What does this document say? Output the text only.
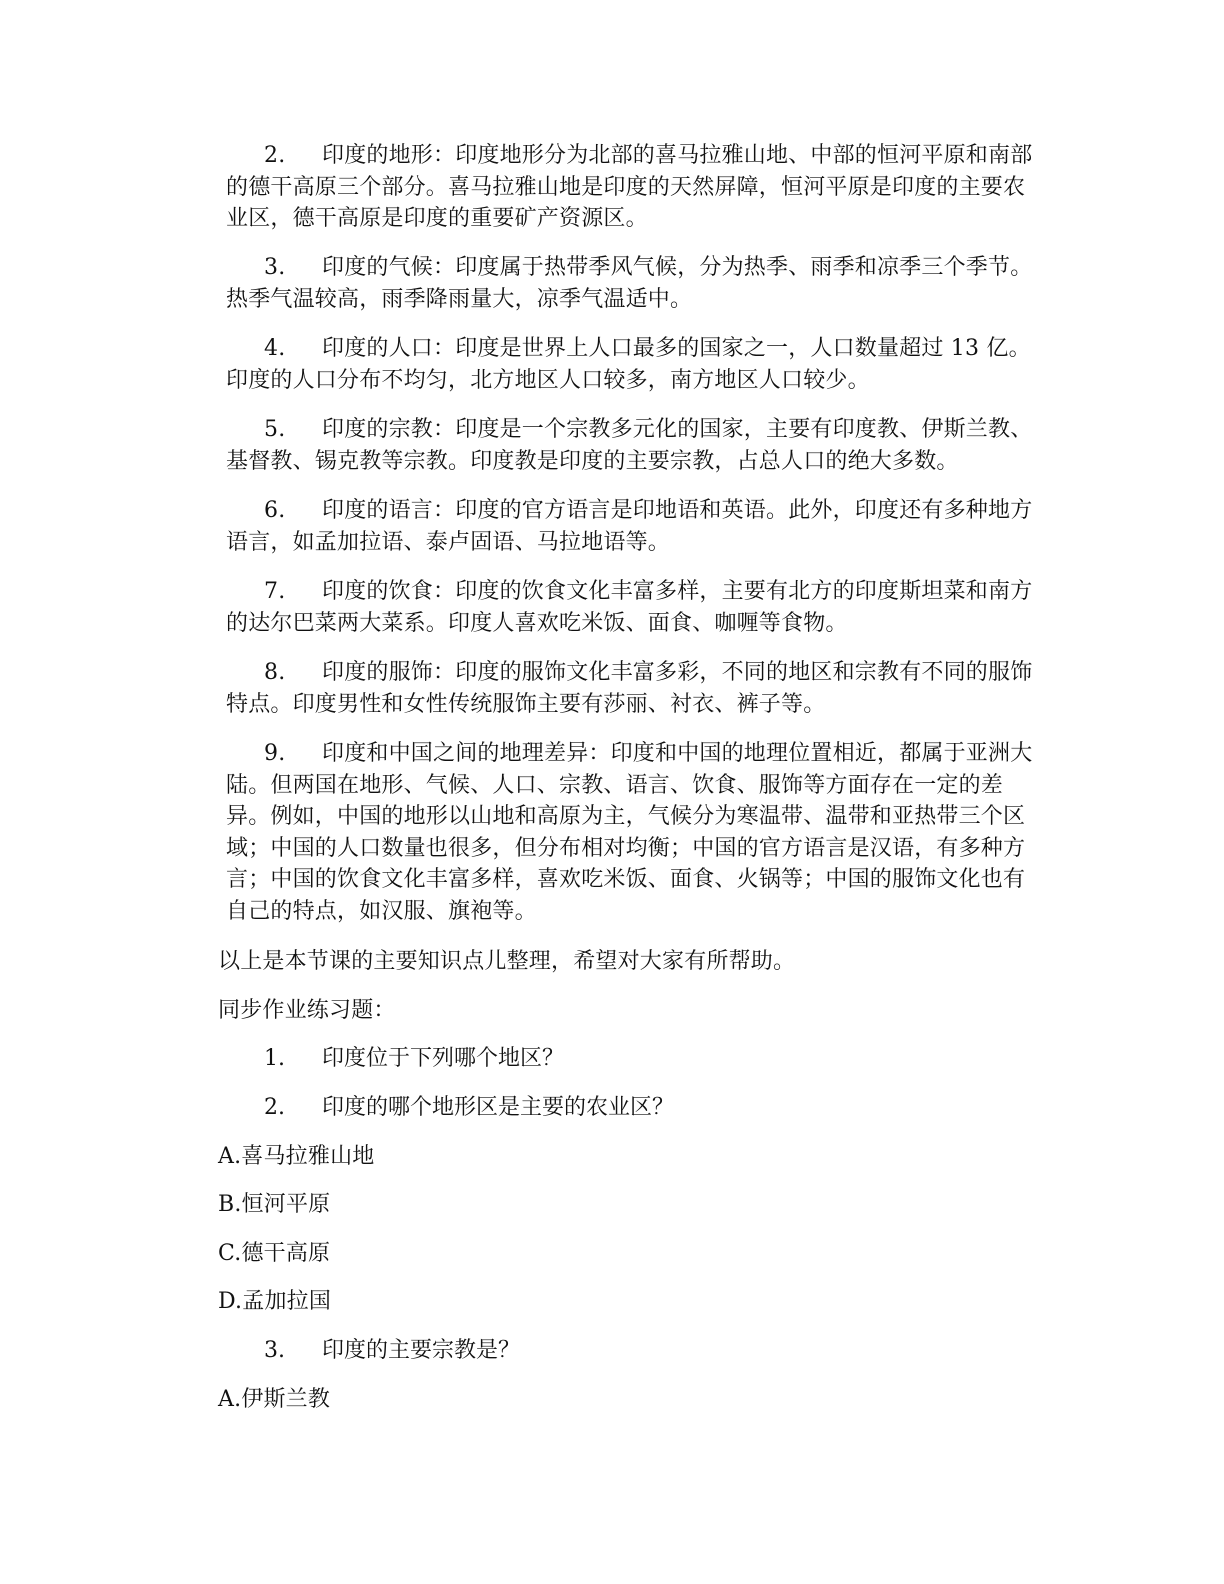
2. 印度的地形：印度地形分为北部的喜马拉雅山地、中部的恒河平原和南部的德干高原三个部分。喜马拉雅山地是印度的天然屏障，恒河平原是印度的主要农业区，德干高原是印度的重要矿产资源区。

3. 印度的气候：印度属于热带季风气候，分为热季、雨季和凉季三个季节。热季气温较高，雨季降雨量大，凉季气温适中。

4. 印度的人口：印度是世界上人口最多的国家之一，人口数量超过 13 亿。印度的人口分布不均匀，北方地区人口较多，南方地区人口较少。

5. 印度的宗教：印度是一个宗教多元化的国家，主要有印度教、伊斯兰教、基督教、锡克教等宗教。印度教是印度的主要宗教，占总人口的绝大多数。

6. 印度的语言：印度的官方语言是印地语和英语。此外，印度还有多种地方语言，如孟加拉语、泰卢固语、马拉地语等。

7. 印度的饮食：印度的饮食文化丰富多样，主要有北方的印度斯坦菜和南方的达尔巴菜两大菜系。印度人喜欢吃米饭、面食、咖喱等食物。

8. 印度的服饰：印度的服饰文化丰富多彩，不同的地区和宗教有不同的服饰特点。印度男性和女性传统服饰主要有莎丽、衬衣、裤子等。

9. 印度和中国之间的地理差异：印度和中国的地理位置相近，都属于亚洲大陆。但两国在地形、气候、人口、宗教、语言、饮食、服饰等方面存在一定的差异。例如，中国的地形以山地和高原为主，气候分为寒温带、温带和亚热带三个区域；中国的人口数量也很多，但分布相对均衡；中国的官方语言是汉语，有多种方言；中国的饮食文化丰富多样，喜欢吃米饭、面食、火锅等；中国的服饰文化也有自己的特点，如汉服、旗袍等。

以上是本节课的主要知识点儿整理，希望对大家有所帮助。

同步作业练习题：

1. 印度位于下列哪个地区？

2. 印度的哪个地形区是主要的农业区？

A.喜马拉雅山地

B.恒河平原

C.德干高原

D.孟加拉国

3. 印度的主要宗教是？

A.伊斯兰教
